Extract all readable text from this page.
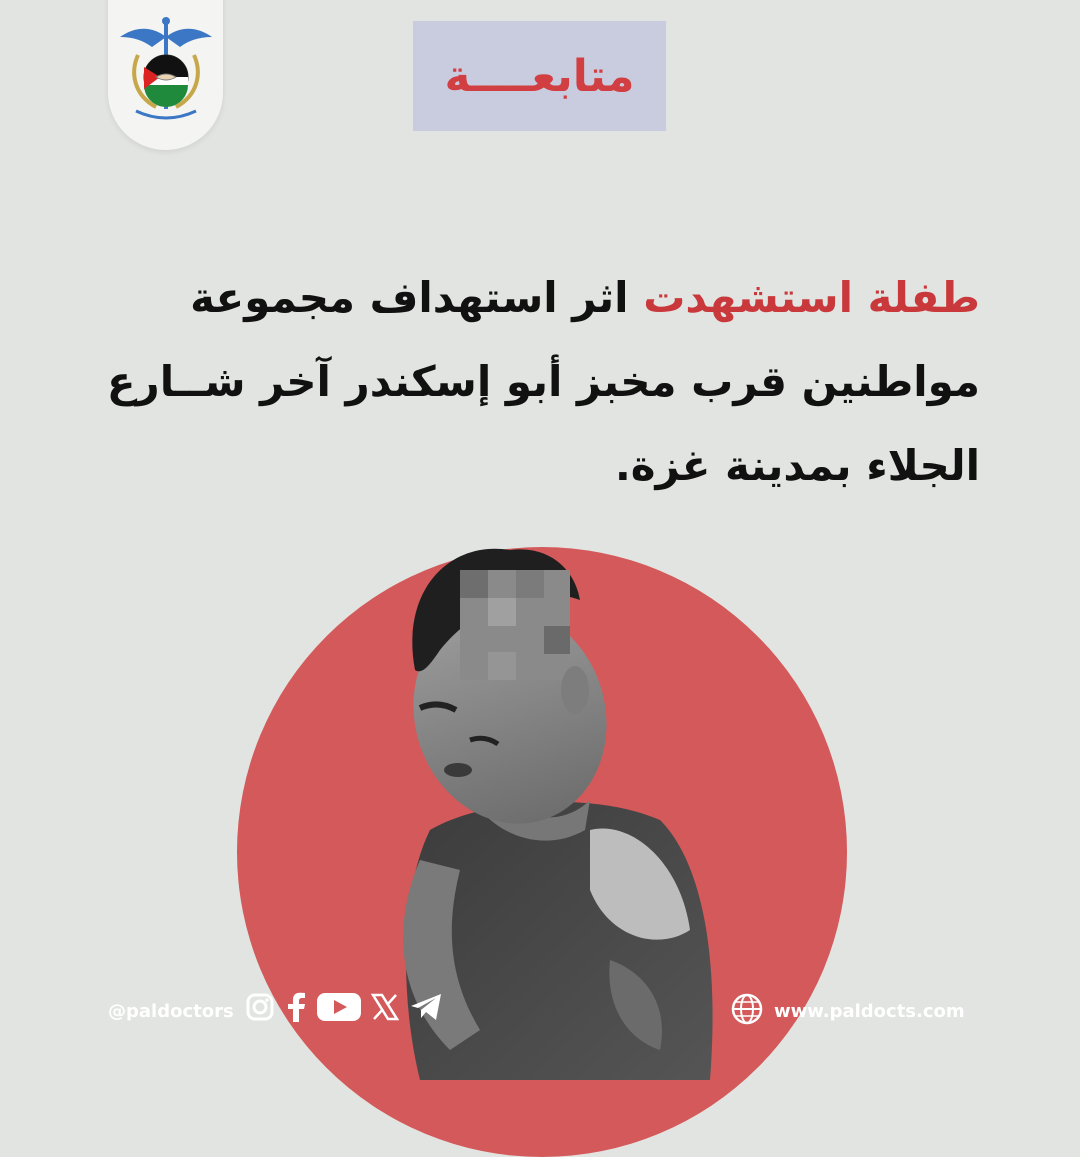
متابعــــة
طفلة استشهدت اثر استهداف مجموعة مواطنين قرب مخبز أبو إسكندر آخر شــارع الجلاء بمدينة غزة.
@paldoctors	www.paldocts.com
